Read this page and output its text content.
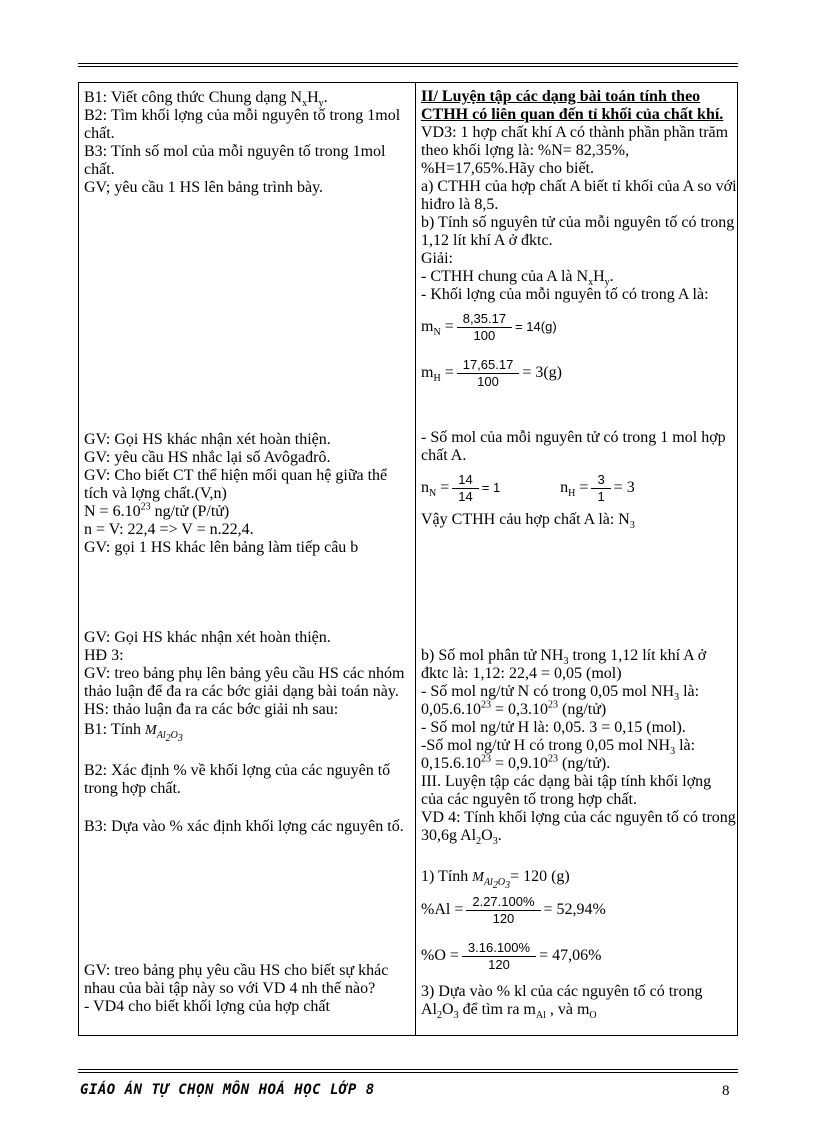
B1: Viết công thức Chung dạng $N_xH_y$.

B2: Tìm khối lợng của mỗi nguyên tố trong 1mol chất.

B3: Tính số mol của mỗi nguyên tố trong 1mol chất.

GV; yêu cầu 1 HS lên bảng trình bày.

GV: Gọi HS khác nhận xét hoàn thiện.

GV: yêu cầu HS nhắc lại số Avôgađrô.

GV: Cho biết CT thể hiện mối quan hệ giữa thể tích và lợng chất.(V,n)

$N = 6.10^{23}$ ng/tử (P/tử)

n = V: 22,4 => V = n.22,4.

GV: gọi 1 HS khác lên bảng làm tiếp câu b

GV: Gọi HS khác nhận xét hoàn thiện.

HĐ 3:

GV: treo bảng phụ lên bảng yêu cầu HS các nhóm thảo luận để đa ra các bớc giải dạng bài toán này.

HS: thảo luận đa ra các bớc giải nh sau:

B1: Tính $M_{Al_2O_3}$

B2: Xác định % về khối lợng của các nguyên tố trong hợp chất.

B3: Dựa vào % xác định khối lợng các nguyên tố.

GV: treo bảng phụ yêu cầu HS cho biết sự khác nhau của bài tập này so với VD 4 nh thế nào?

- VD4 cho biết khối lợng của hợp chất

II/ Luyện tập các dạng bài toán tính theo CTHH có liên quan đến tỉ khối của chất khí.

VD3: 1 hợp chất khí A có thành phần phần trăm theo khối lợng là: %N= 82,35%, %H=17,65%.Hãy cho biết.

a) CTHH của hợp chất A biết tỉ khối của A so với hiđro là 8,5.

b) Tính số nguyên tử của mỗi nguyên tố có trong 1,12 lít khí A ở đktc.

Giải:

- CTHH chung của A là $N_xH_y$.

- Khối lợng của mỗi nguyên tố có trong A là:

$m_N = \frac{8,35.17}{100} = 14(g)$
$m_H = \frac{17,65.17}{100} = 3(g)$

- Số mol của mỗi nguyên tử có trong 1 mol hợp chất A.

$n_N = \frac{14}{14} = 1$	$n_H = \frac{3}{1} = 3$

Vậy CTHH cảu hợp chất A là: $N_3$

b) Số mol phân tử $NH_3$ trong 1,12 lít khí A ở đktc là: 1,12: 22,4 = 0,05 (mol)

- Số mol ng/tử N có trong 0,05 mol $NH_3$ là: $0,05.6.10^{23} = 0,3.10^{23}$ (ng/tử)

- Số mol ng/tử H là: 0,05. 3 = 0,15 (mol).

-Số mol ng/tử H có trong 0,05 mol $NH_3$ là: $0,15.6.10^{23} = 0,9.10^{23}$ (ng/tử).

III. Luyện tập các dạng bài tập tính khối lợng của các nguyên tố trong hợp chất.

VD 4: Tính khối lợng của các nguyên tố có trong 30,6g $Al_2O_3$.

1) Tính $M_{Al_2O_3}= 120$ (g)

$\%Al = \frac{2.27.100\%}{120} = 52,94\%$
$\%O = \frac{3.16.100\%}{120} = 47,06\%$

3) Dựa vào % kl của các nguyên tố có trong $Al_2O_3$ để tìm ra $m_{Al}$ , và $m_O$

GIÁO ÁN TỰ CHỌN MÔN HOÁ HỌC LỚP 8	8
